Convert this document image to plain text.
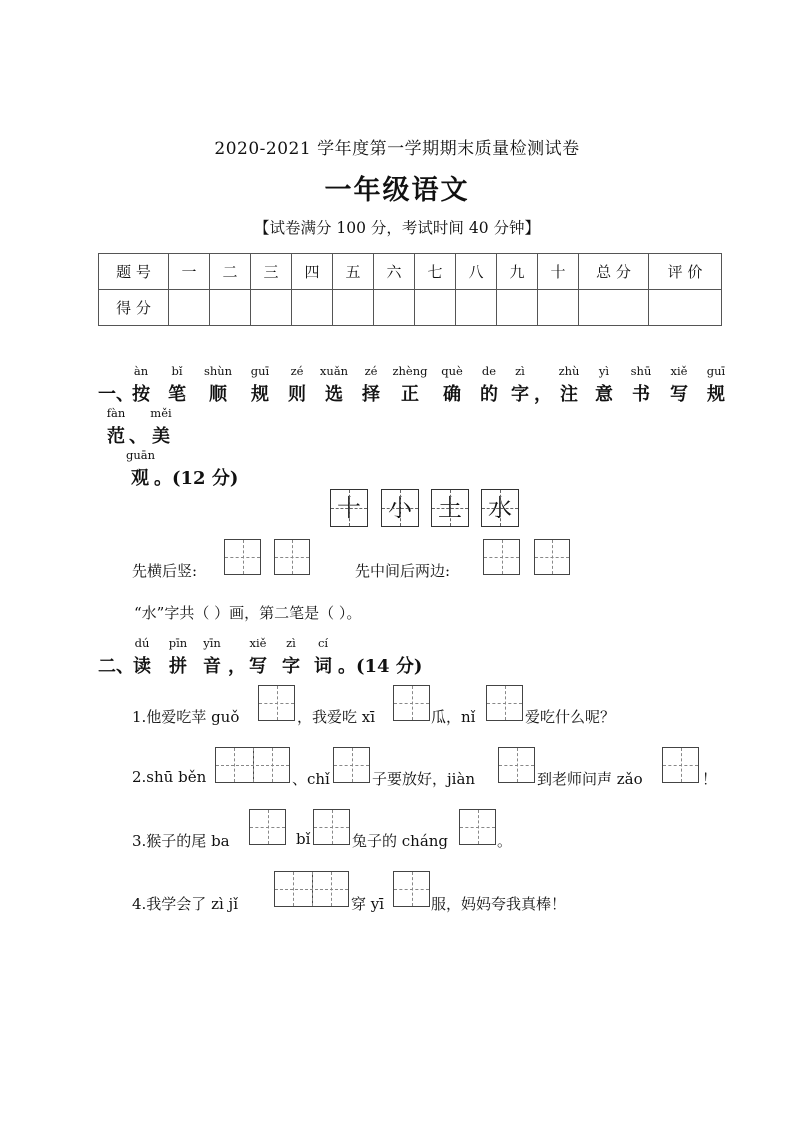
2020-2021 学年度第一学期期末质量检测试卷
一年级语文
【试卷满分 100 分，考试时间 40 分钟】
题 号	一	二	三	四	五	六	七	八	九	十	总 分	评 价
得 分												

一、
àn
按
bǐ
笔
shùn
顺
guī
规
zé
则
xuǎn
选
zé
择
zhèng
正
què
确
de
的
zì
字
，
zhù
注
yì
意
shū
书
xiě
写
guī
规
fàn
范
、
měi
美
guān
观
。(12 分)
十 小 土 水
先横后竖:	先中间后两边:
“水”字共（ ）画，第二笔是（ ）。

二、
dú
读
pīn
拼
yīn
音
，
xiě
写
zì
字
cí
词
。(14 分)
1.他爱吃苹 guǒ	，我爱吃 xī	瓜，nǐ	爱吃什么呢？
2.shū běn	、chǐ	子要放好，jiàn	到老师问声 zǎo	！
3.猴子的尾 ba	bǐ	兔子的 cháng	。
4.我学会了 zì jǐ	穿 yī	服，妈妈夸我真棒！
